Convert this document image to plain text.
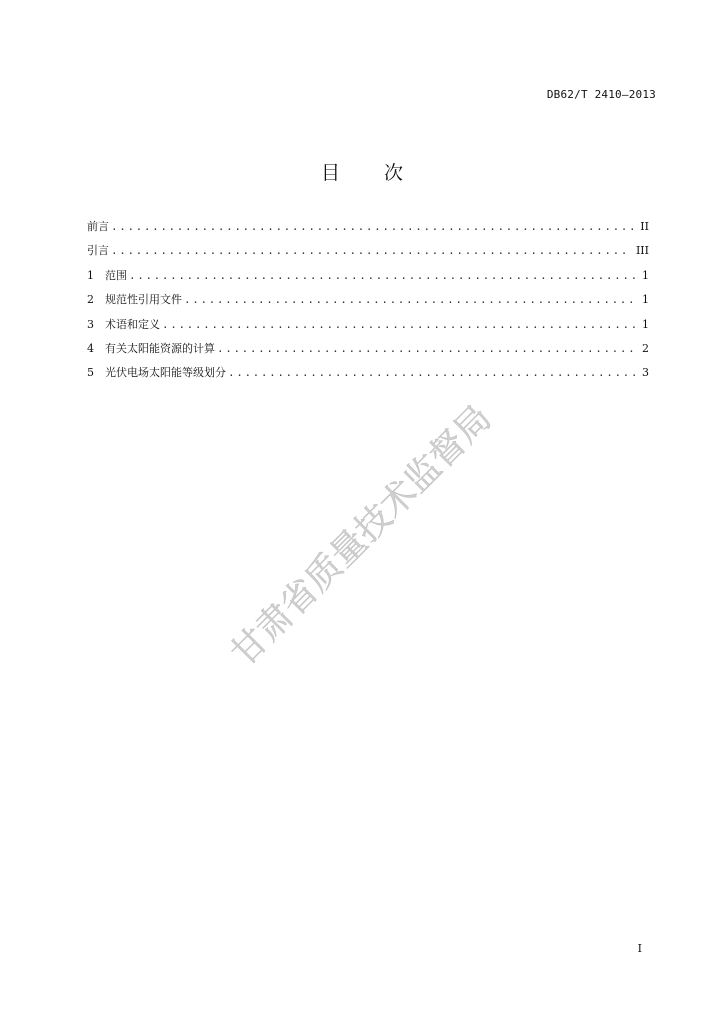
DB62/T 2410—2013
目 次
前言 .....	II
引言 .....	III
1	范围 .....	1
2	规范性引用文件 .....	1
3	术语和定义 .....	1
4	有关太阳能资源的计算 .....	2
5	光伏电场太阳能等级划分 .....	3
甘肃省质量技术监督局
I
